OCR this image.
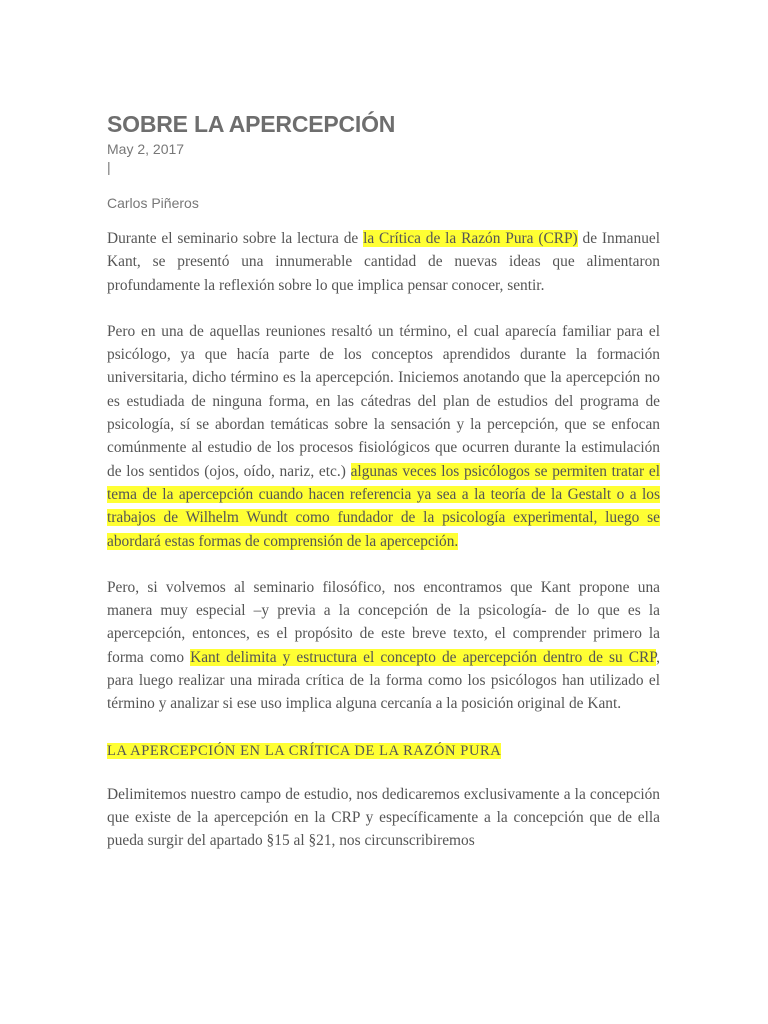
SOBRE LA APERCEPCIÓN
May 2, 2017
|
Carlos Piñeros

Durante el seminario sobre la lectura de la Crítica de la Razón Pura (CRP) de Inmanuel Kant, se presentó una innumerable cantidad de nuevas ideas que alimentaron profundamente la reflexión sobre lo que implica pensar conocer, sentir.

Pero en una de aquellas reuniones resaltó un término, el cual aparecía familiar para el psicólogo, ya que hacía parte de los conceptos aprendidos durante la formación universitaria, dicho término es la apercepción. Iniciemos anotando que la apercepción no es estudiada de ninguna forma, en las cátedras del plan de estudios del programa de psicología, sí se abordan temáticas sobre la sensación y la percepción, que se enfocan comúnmente al estudio de los procesos fisiológicos que ocurren durante la estimulación de los sentidos (ojos, oído, nariz, etc.) algunas veces los psicólogos se permiten tratar el tema de la apercepción cuando hacen referencia ya sea a la teoría de la Gestalt o a los trabajos de Wilhelm Wundt como fundador de la psicología experimental, luego se abordará estas formas de comprensión de la apercepción.

Pero, si volvemos al seminario filosófico, nos encontramos que Kant propone una manera muy especial –y previa a la concepción de la psicología- de lo que es la apercepción, entonces, es el propósito de este breve texto, el comprender primero la forma como Kant delimita y estructura el concepto de apercepción dentro de su CRP, para luego realizar una mirada crítica de la forma como los psicólogos han utilizado el término y analizar si ese uso implica alguna cercanía a la posición original de Kant.

LA APERCEPCIÓN EN LA CRÍTICA DE LA RAZÓN PURA

Delimitemos nuestro campo de estudio, nos dedicaremos exclusivamente a la concepción que existe de la apercepción en la CRP y específicamente a la concepción que de ella pueda surgir del apartado §15 al §21, nos circunscribiremos
